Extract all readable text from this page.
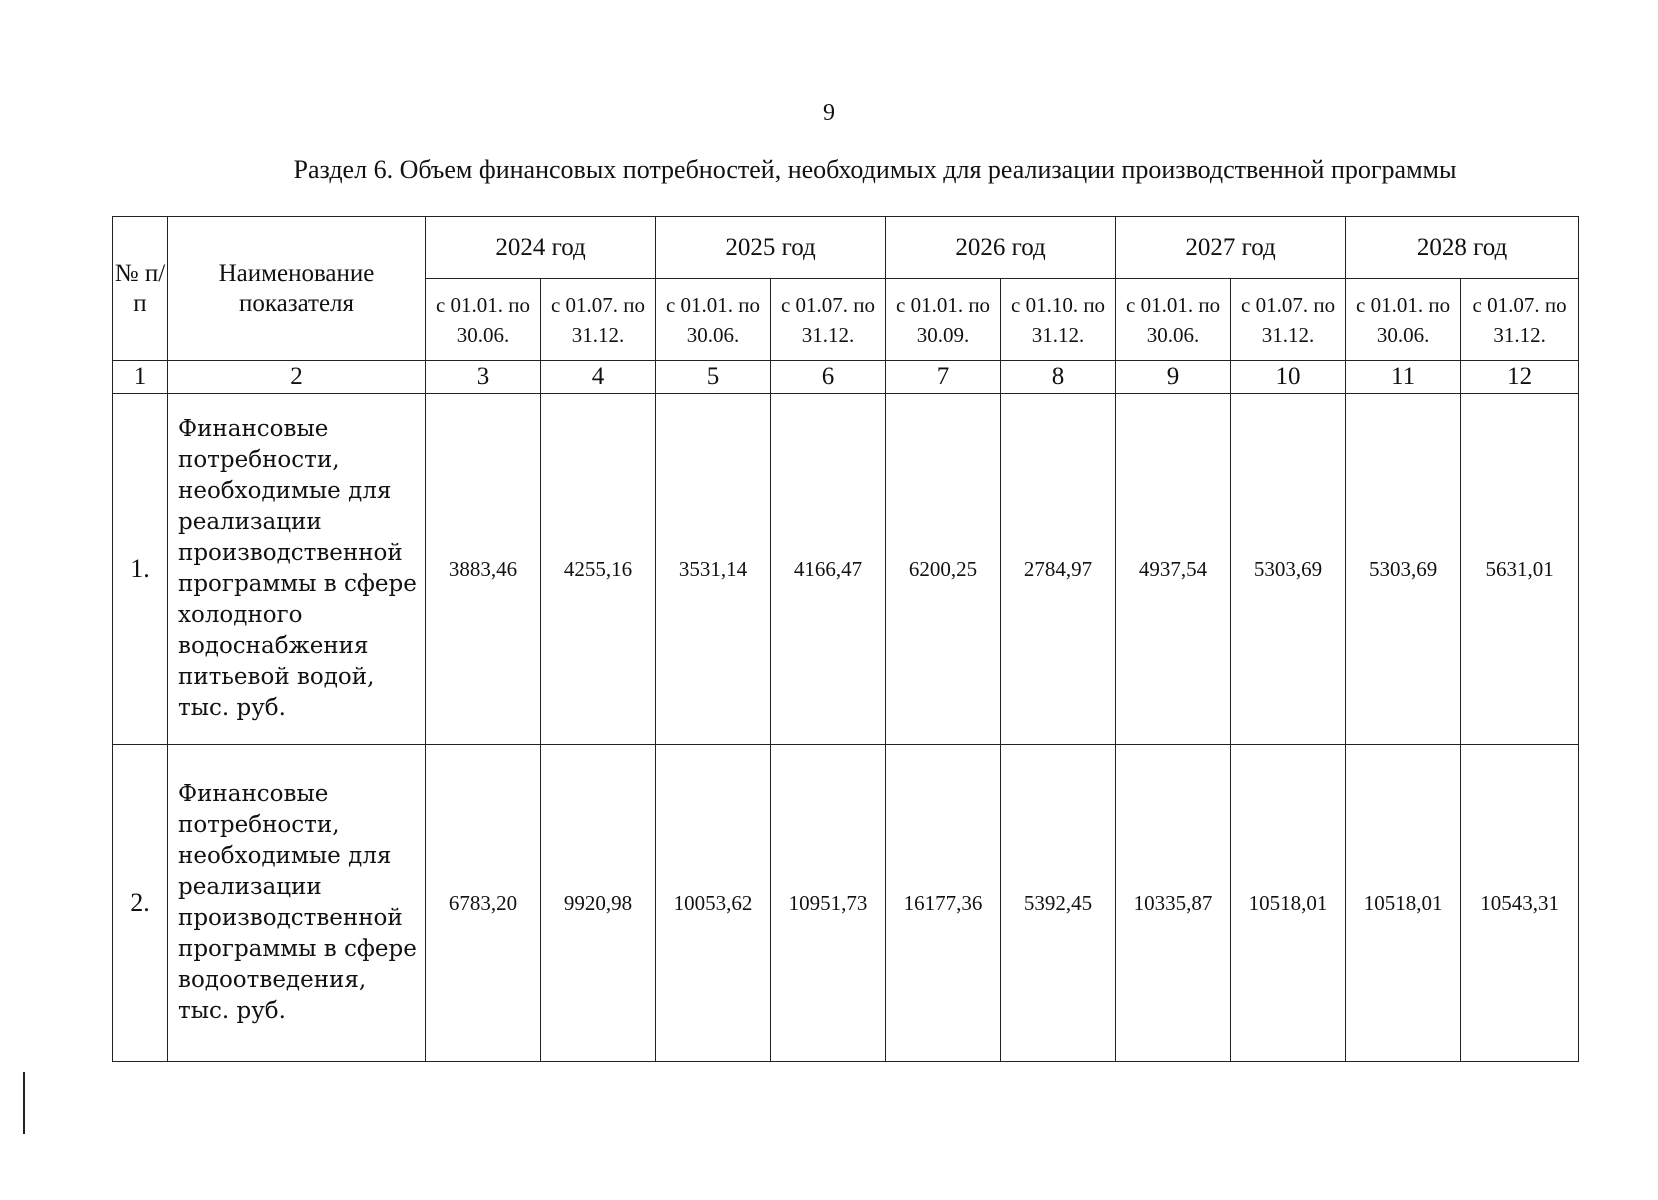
9
Раздел 6. Объем финансовых потребностей, необходимых для реализации производственной программы
№ п/п	Наименование показателя	2024 год		2025 год		2026 год		2027 год		2028 год	
		с 01.01. по 30.06.	с 01.07. по 31.12.	с 01.01. по 30.06.	с 01.07. по 31.12.	с 01.01. по 30.09.	с 01.10. по 31.12.	с 01.01. по 30.06.	с 01.07. по 31.12.	с 01.01. по 30.06.	с 01.07. по 31.12.
1	2	3	4	5	6	7	8	9	10	11	12
1.	Финансовые потребности, необходимые для реализации производственной программы в сфере холодного водоснабжения питьевой водой, тыс. руб.	3883,46	4255,16	3531,14	4166,47	6200,25	2784,97	4937,54	5303,69	5303,69	5631,01
2.	Финансовые потребности, необходимые для реализации производственной программы в сфере водоотведения, тыс. руб.	6783,20	9920,98	10053,62	10951,73	16177,36	5392,45	10335,87	10518,01	10518,01	10543,31
